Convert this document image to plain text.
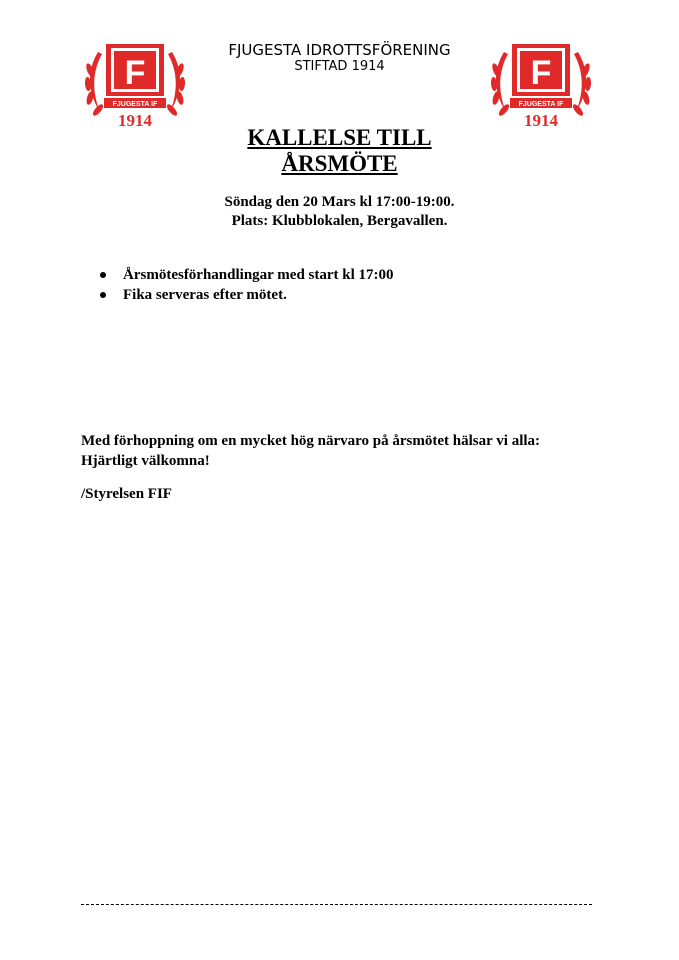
F
FJUGESTA IF
1914
F
FJUGESTA IF
1914
FJUGESTA IDROTTSFÖRENING
STIFTAD 1914
KALLELSE TILL
ÅRSMÖTE
Söndag den 20 Mars kl 17:00-19:00.
Plats: Klubblokalen, Bergavallen.
Årsmötesförhandlingar med start kl 17:00
Fika serveras efter mötet.
Med förhoppning om en mycket hög närvaro på årsmötet hälsar vi alla:
Hjärtligt välkomna!
/Styrelsen FIF
